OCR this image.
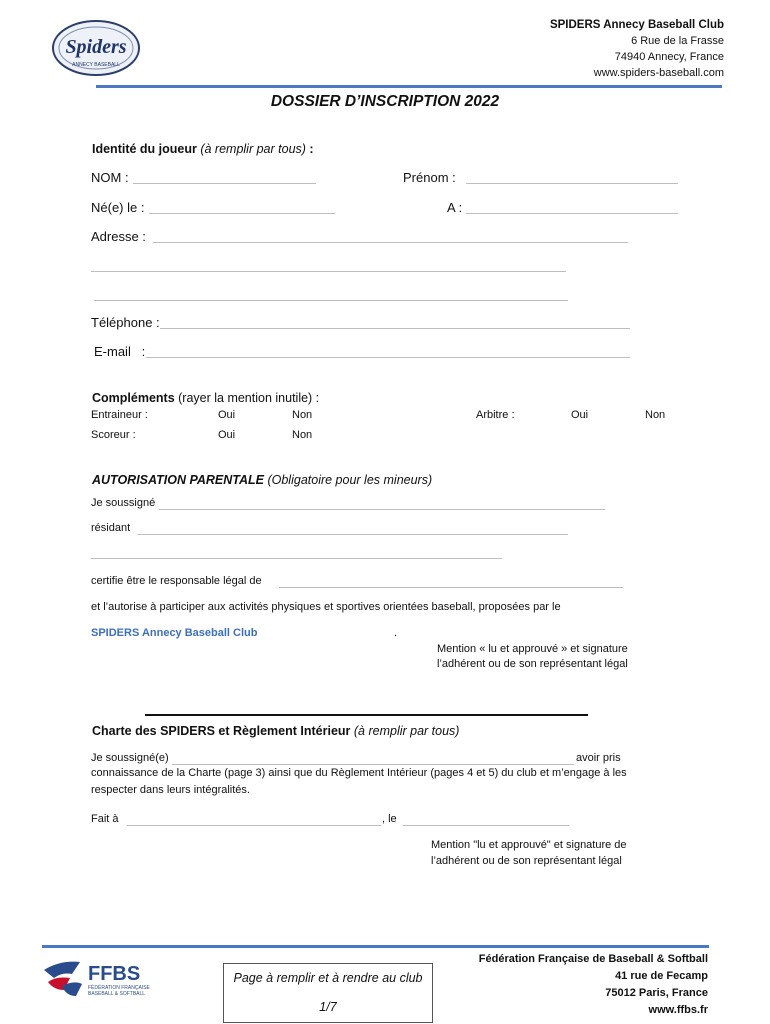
Spiders
ANNECY BASEBALL
SPIDERS Annecy Baseball Club
6 Rue de la Frasse
74940 Annecy, France
www.spiders-baseball.com
DOSSIER D’INSCRIPTION 2022
Identité du joueur (à remplir par tous) :
NOM :	Prénom :
Né(e) le :	A :
Adresse :
Téléphone :
E-mail   :
Compléments (rayer la mention inutile) :
Entraineur :	Oui	Non	Arbitre :	Oui	Non
Scoreur :	Oui	Non
AUTORISATION PARENTALE (Obligatoire pour les mineurs)
Je soussigné
résidant
certifie être le responsable légal de
et l’autorise à participer aux activités physiques et sportives orientées baseball, proposées par le
SPIDERS Annecy Baseball Club	.
Mention « lu et approuvé » et signature
l’adhérent ou de son représentant légal
Charte des SPIDERS et Règlement Intérieur (à remplir par tous)
Je soussigné(e)	avoir pris
connaissance de la Charte (page 3) ainsi que du Règlement Intérieur (pages 4 et 5) du club et m’engage à les
respecter dans leurs intégralités.
Fait à	, le
Mention "lu et approuvé" et signature de
l’adhérent ou de son représentant légal
FFBS
FÉDÉRATION FRANÇAISE
BASEBALL & SOFTBALL
Page à remplir et à rendre au club
1/7
Fédération Française de Baseball & Softball
41 rue de Fecamp
75012 Paris, France
www.ffbs.fr
